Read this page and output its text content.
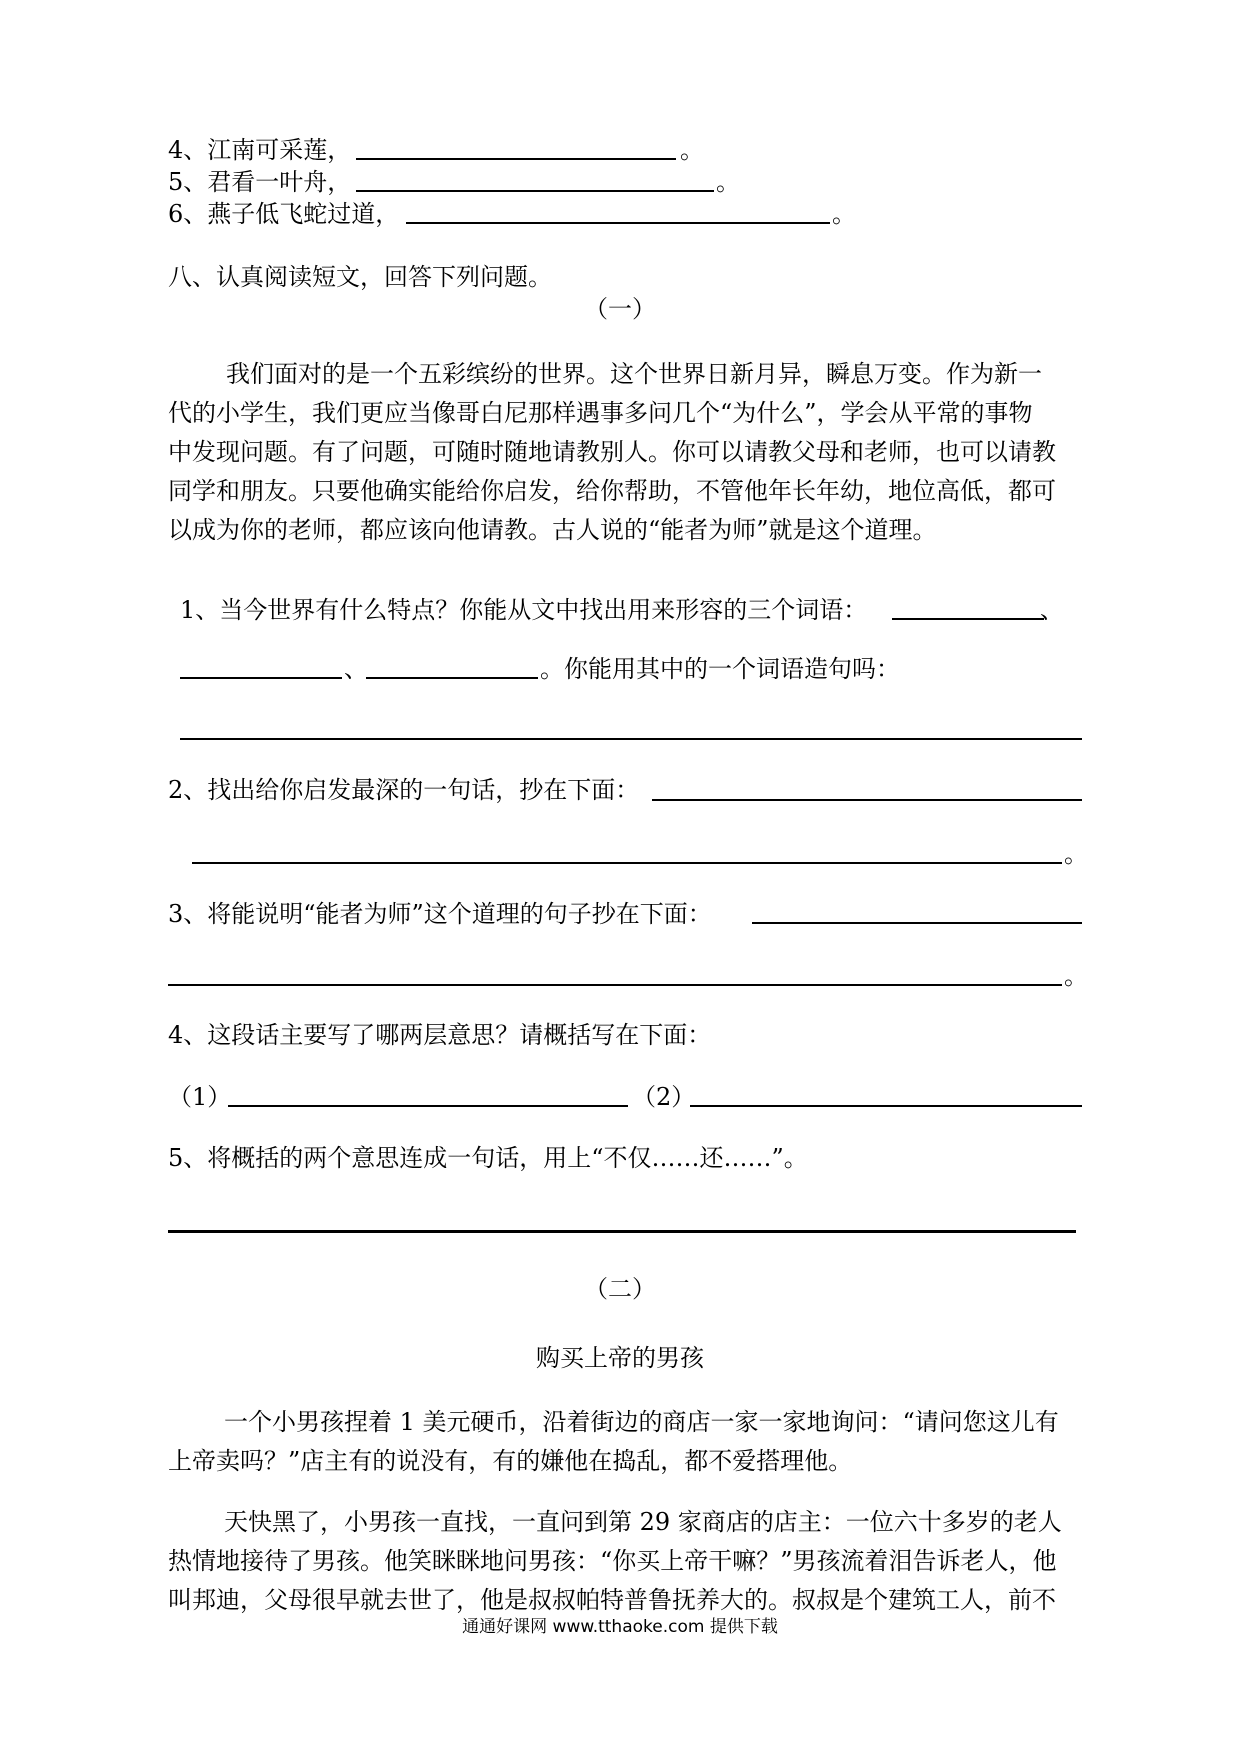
4、江南可采莲，	。
5、君看一叶舟，	。
6、燕子低飞蛇过道，	。
八、认真阅读短文，回答下列问题。
（一）
我们面对的是一个五彩缤纷的世界。这个世界日新月异，瞬息万变。作为新一
代的小学生，我们更应当像哥白尼那样遇事多问几个“为什么”，学会从平常的事物
中发现问题。有了问题，可随时随地请教别人。你可以请教父母和老师，也可以请教
同学和朋友。只要他确实能给你启发，给你帮助，不管他年长年幼，地位高低，都可
以成为你的老师，都应该向他请教。古人说的“能者为师”就是这个道理。
1、当今世界有什么特点？你能从文中找出用来形容的三个词语：	、
、	。你能用其中的一个词语造句吗：
2、找出给你启发最深的一句话，抄在下面：
。
3、将能说明“能者为师”这个道理的句子抄在下面：
。
4、这段话主要写了哪两层意思？请概括写在下面：
（1）	（2）
5、将概括的两个意思连成一句话，用上“不仅……还……”。
（二）
购买上帝的男孩
一个小男孩捏着 1 美元硬币，沿着街边的商店一家一家地询问：“请问您这儿有
上帝卖吗？”店主有的说没有，有的嫌他在捣乱，都不爱搭理他。
天快黑了，小男孩一直找，一直问到第 29 家商店的店主：一位六十多岁的老人
热情地接待了男孩。他笑眯眯地问男孩：“你买上帝干嘛？”男孩流着泪告诉老人，他
叫邦迪，父母很早就去世了，他是叔叔帕特普鲁抚养大的。叔叔是个建筑工人，前不
通通好课网 www.tthaoke.com 提供下载
